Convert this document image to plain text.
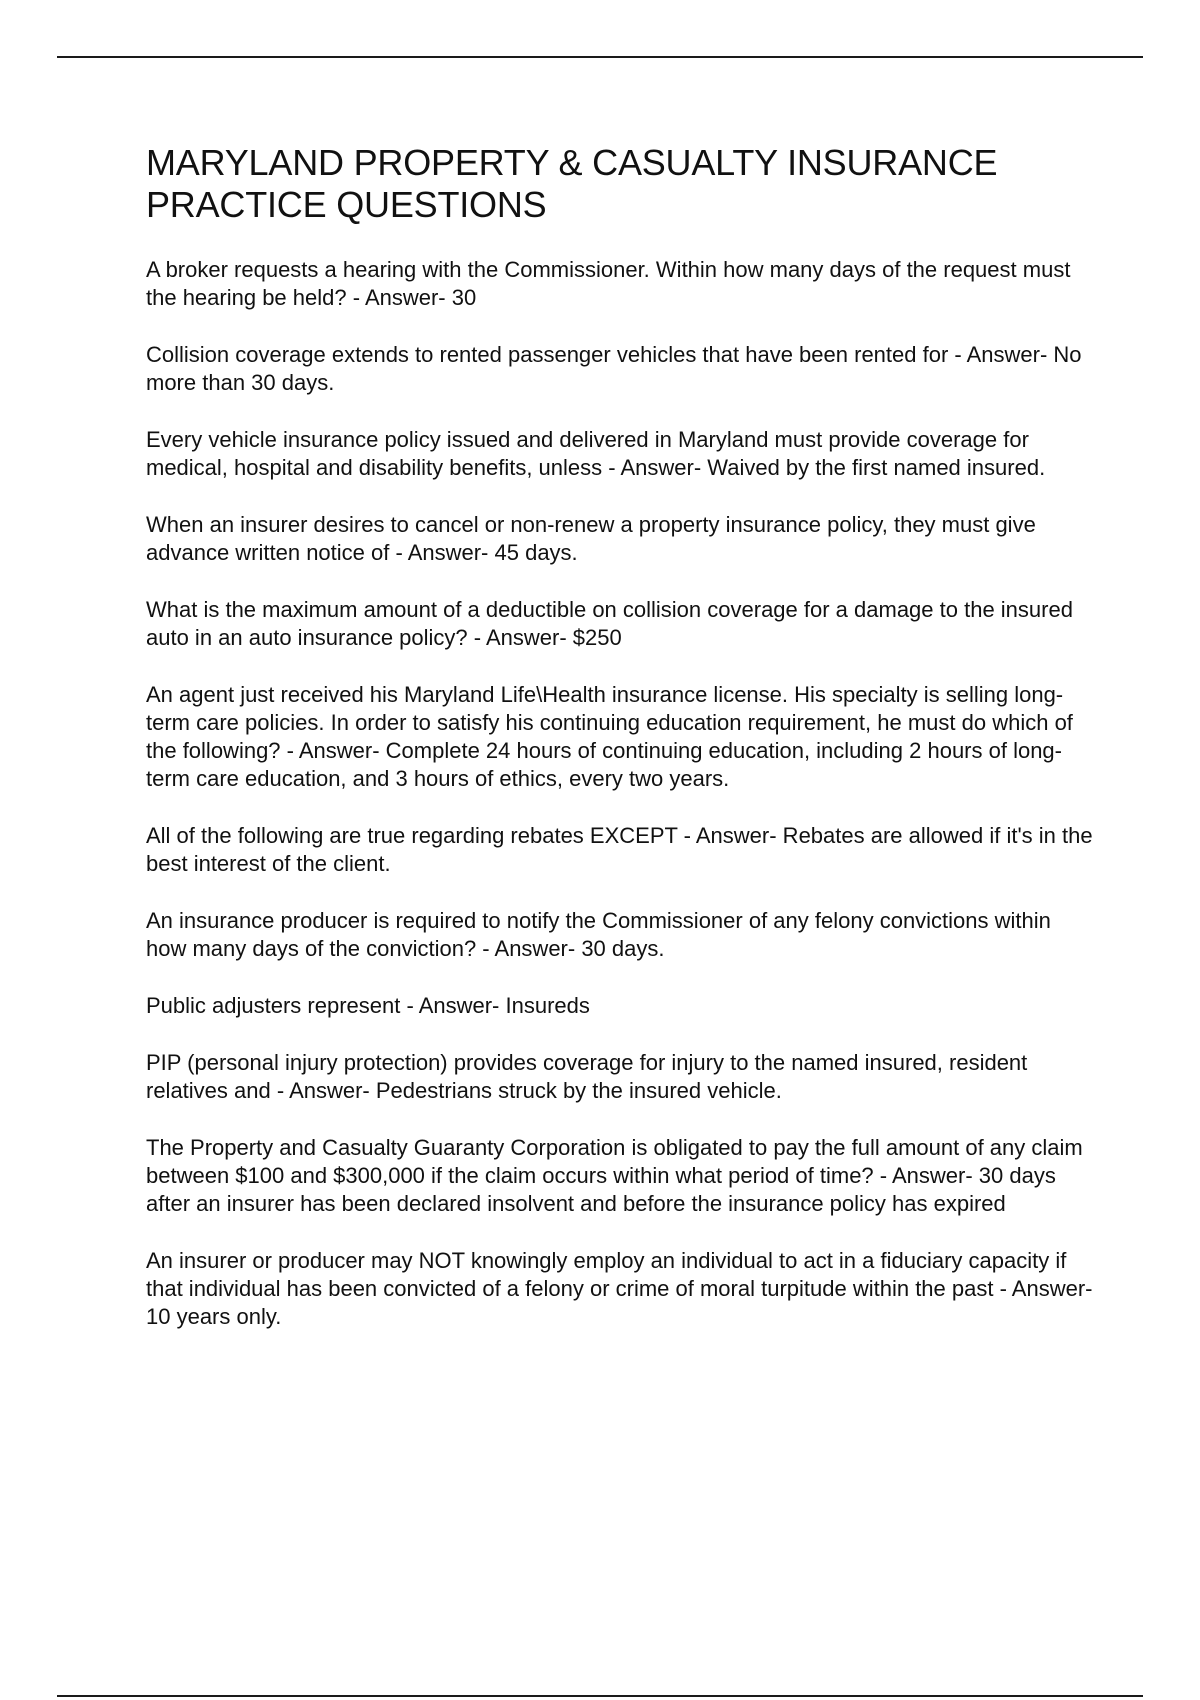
MARYLAND PROPERTY & CASUALTY INSURANCE PRACTICE QUESTIONS
A broker requests a hearing with the Commissioner. Within how many days of the request must the hearing be held? - Answer- 30
Collision coverage extends to rented passenger vehicles that have been rented for - Answer- No more than 30 days.
Every vehicle insurance policy issued and delivered in Maryland must provide coverage for medical, hospital and disability benefits, unless - Answer- Waived by the first named insured.
When an insurer desires to cancel or non-renew a property insurance policy, they must give advance written notice of - Answer- 45 days.
What is the maximum amount of a deductible on collision coverage for a damage to the insured auto in an auto insurance policy? - Answer- $250
An agent just received his Maryland Life\Health insurance license. His specialty is selling long-term care policies. In order to satisfy his continuing education requirement, he must do which of the following? - Answer- Complete 24 hours of continuing education, including 2 hours of long-term care education, and 3 hours of ethics, every two years.
All of the following are true regarding rebates EXCEPT - Answer- Rebates are allowed if it's in the best interest of the client.
An insurance producer is required to notify the Commissioner of any felony convictions within how many days of the conviction? - Answer- 30 days.
Public adjusters represent - Answer- Insureds
PIP (personal injury protection) provides coverage for injury to the named insured, resident relatives and - Answer- Pedestrians struck by the insured vehicle.
The Property and Casualty Guaranty Corporation is obligated to pay the full amount of any claim between $100 and $300,000 if the claim occurs within what period of time? - Answer- 30 days after an insurer has been declared insolvent and before the insurance policy has expired
An insurer or producer may NOT knowingly employ an individual to act in a fiduciary capacity if that individual has been convicted of a felony or crime of moral turpitude within the past - Answer- 10 years only.
